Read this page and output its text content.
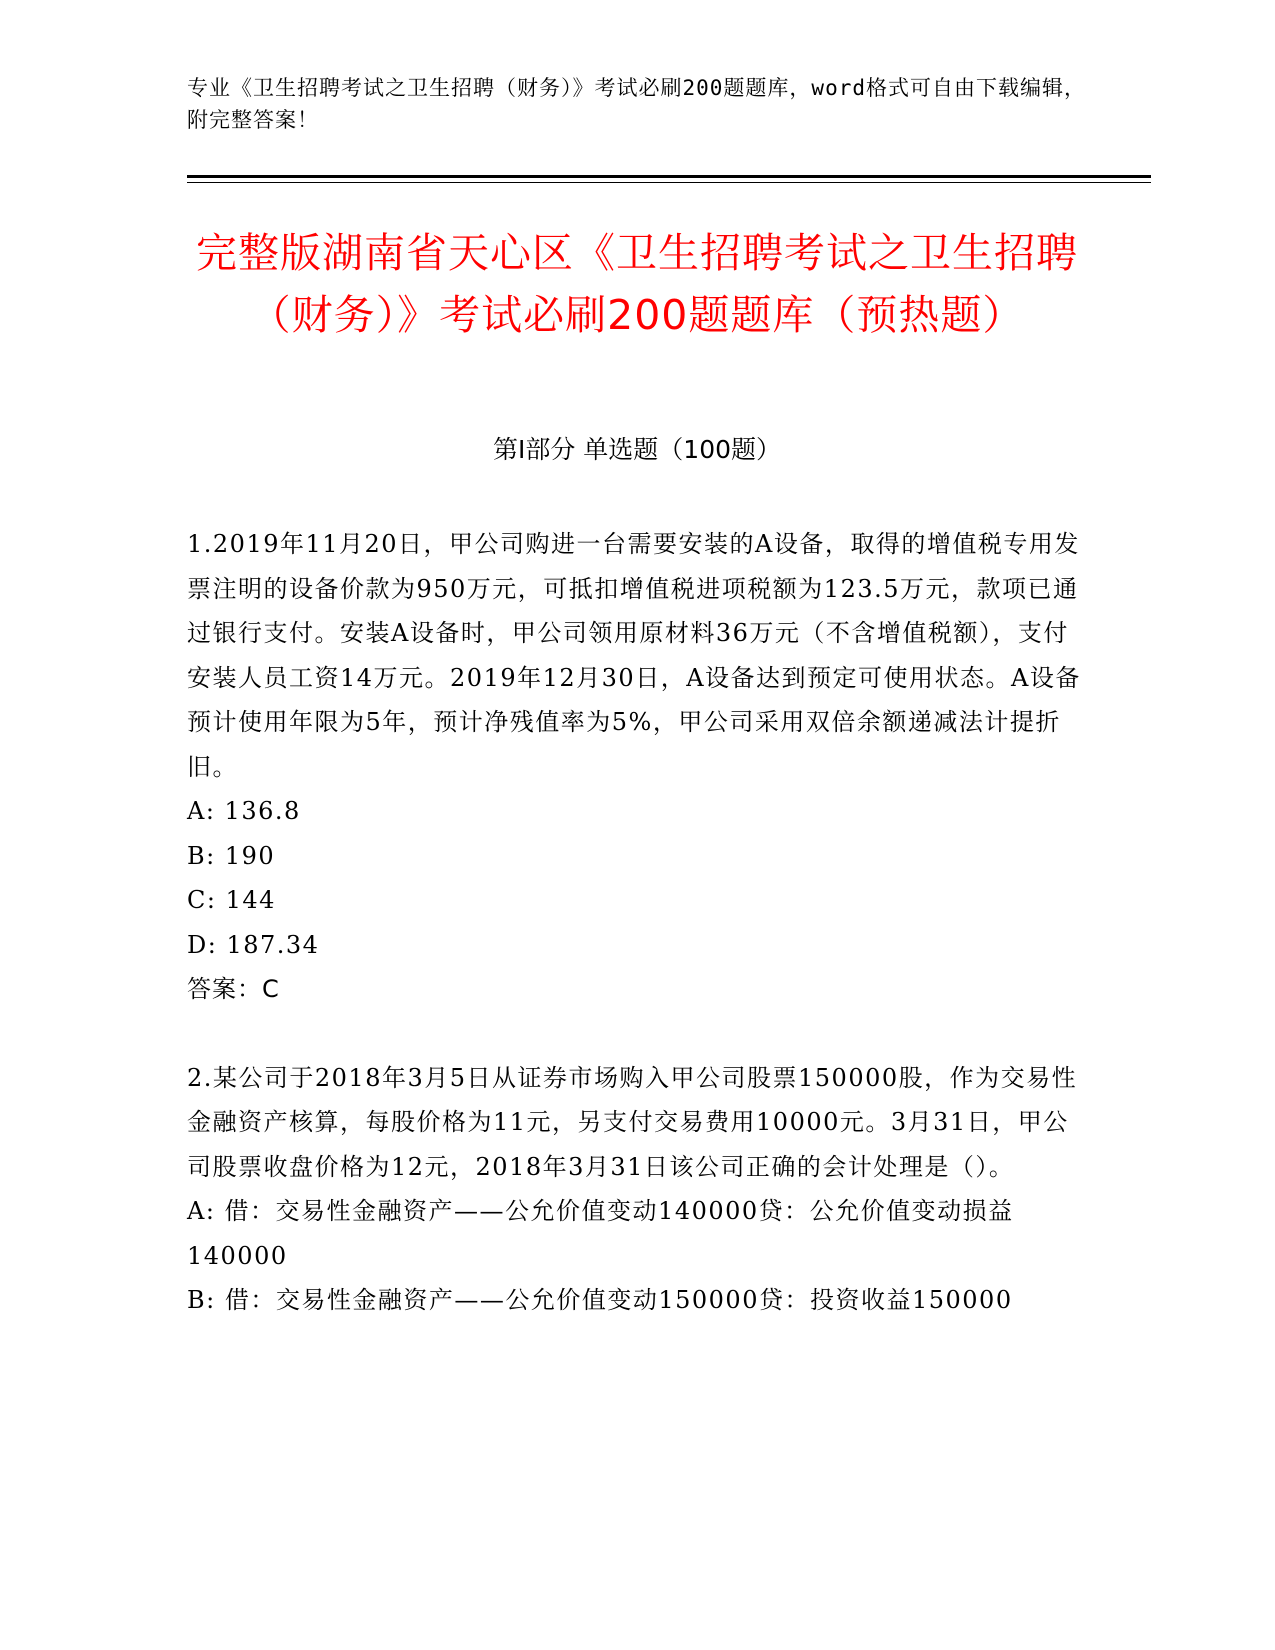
专业《卫生招聘考试之卫生招聘（财务）》考试必刷200题题库，word格式可自由下载编辑，附完整答案！
完整版湖南省天心区《卫生招聘考试之卫生招聘（财务）》考试必刷200题题库（预热题）
第I部分 单选题（100题）

1.2019年11月20日，甲公司购进一台需要安装的A设备，取得的增值税专用发票注明的设备价款为950万元，可抵扣增值税进项税额为123.5万元，款项已通过银行支付。安装A设备时，甲公司领用原材料36万元（不含增值税额），支付安装人员工资14万元。2019年12月30日，A设备达到预定可使用状态。A设备预计使用年限为5年，预计净残值率为5%，甲公司采用双倍余额递减法计提折旧。

A: 136.8

B: 190

C: 144

D: 187.34

答案：C

2.某公司于2018年3月5日从证券市场购入甲公司股票150000股，作为交易性金融资产核算，每股价格为11元，另支付交易费用10000元。3月31日，甲公司股票收盘价格为12元，2018年3月31日该公司正确的会计处理是（）。

A: 借：交易性金融资产——公允价值变动140000贷：公允价值变动损益140000

B: 借：交易性金融资产——公允价值变动150000贷：投资收益150000
